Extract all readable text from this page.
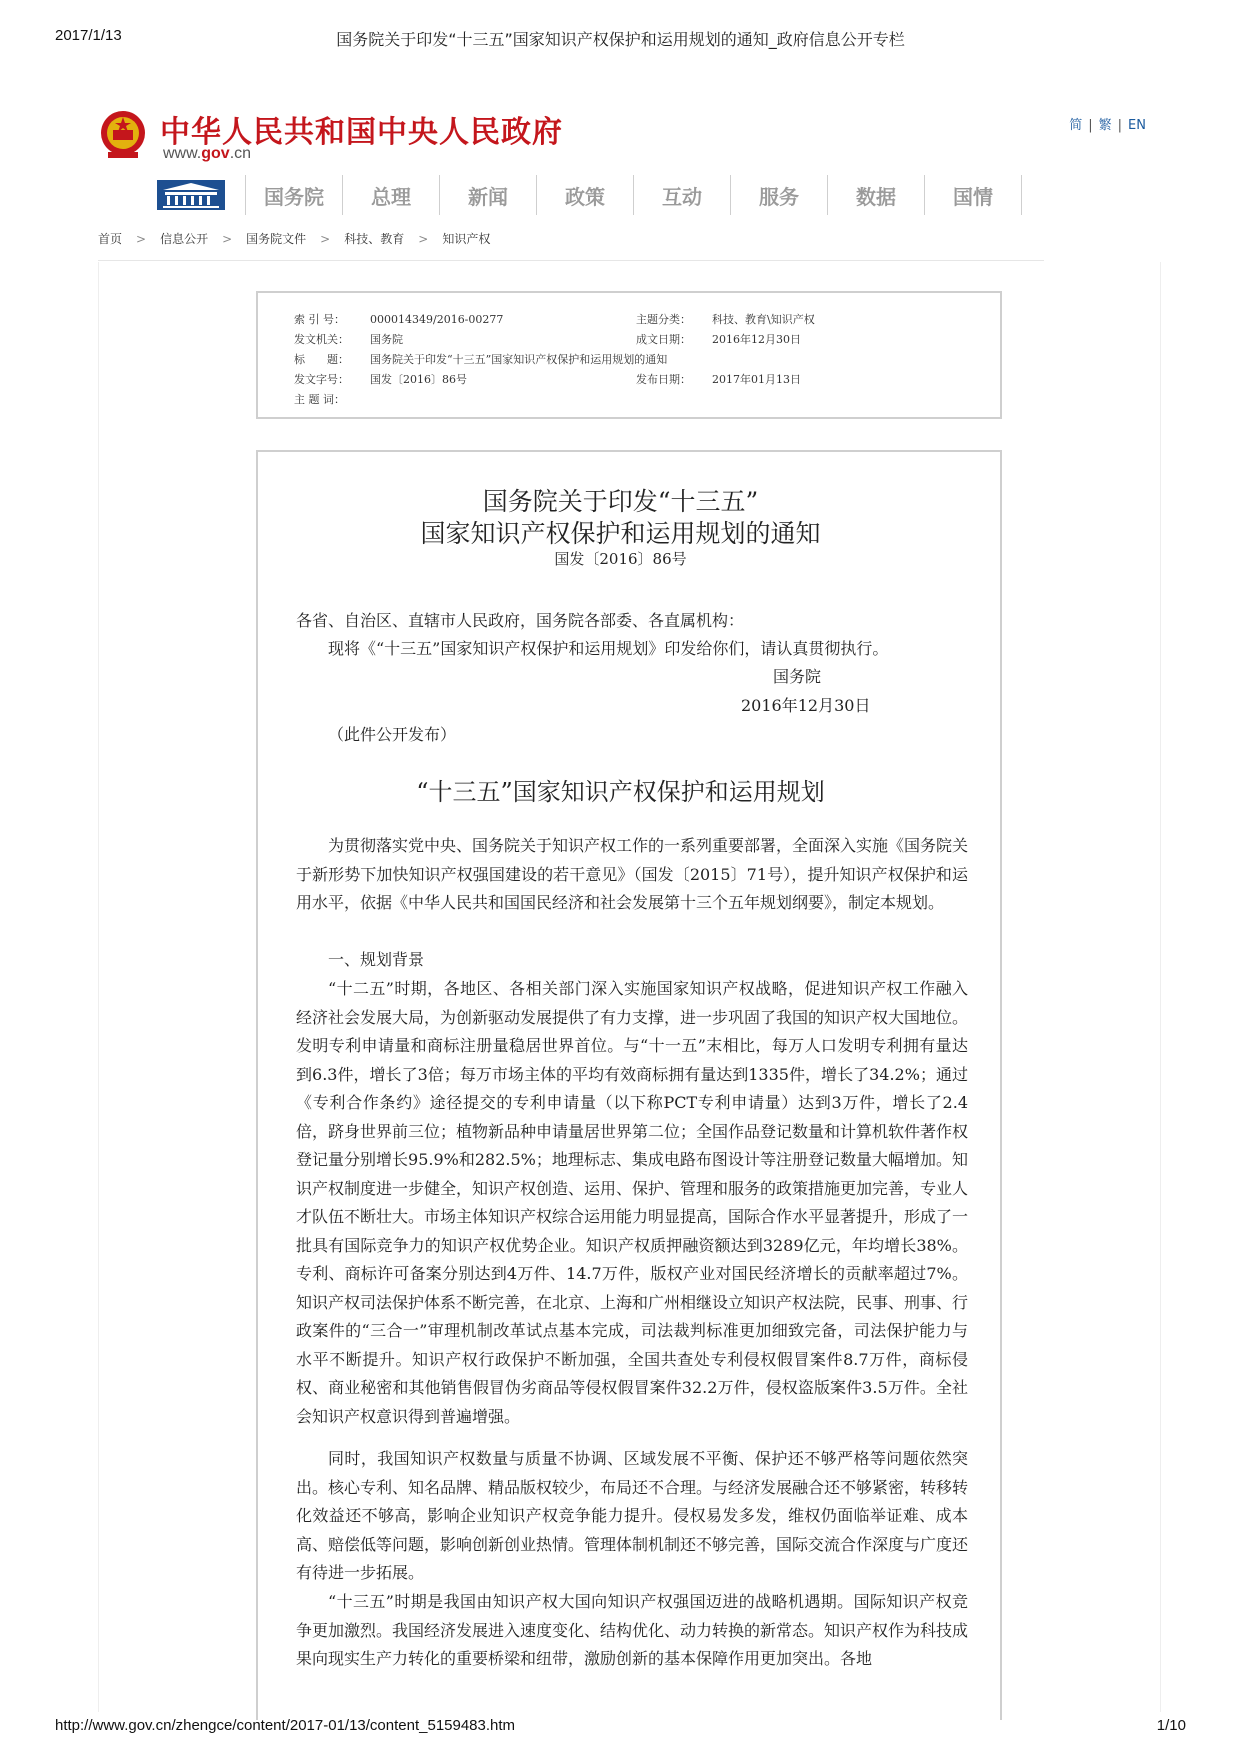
2017/1/13	国务院关于印发“十三五”国家知识产权保护和运用规划的通知_政府信息公开专栏
http://www.gov.cn/zhengce/content/2017-01/13/content_5159483.htm	1/10
中华人民共和国中央人民政府
www.gov.cn
简 | 繁 | EN
国务院	总理	新闻	政策	互动	服务	数据	国情
首页 > 信息公开 > 国务院文件 > 科技、教育 > 知识产权
索 引 号： 000014349/2016-00277	主题分类： 科技、教育\知识产权
发文机关： 国务院	成文日期： 2016年12月30日
标　　题： 国务院关于印发“十三五”国家知识产权保护和运用规划的通知
发文字号： 国发〔2016〕86号	发布日期： 2017年01月13日
主 题 词：
国务院关于印发“十三五”
国家知识产权保护和运用规划的通知
国发〔2016〕86号
各省、自治区、直辖市人民政府，国务院各部委、各直属机构：
现将《“十三五”国家知识产权保护和运用规划》印发给你们，请认真贯彻执行。
国务院
2016年12月30日
（此件公开发布）
“十三五”国家知识产权保护和运用规划
为贯彻落实党中央、国务院关于知识产权工作的一系列重要部署，全面深入实施《国务院关于新形势下加快知识产权强国建设的若干意见》（国发〔2015〕71号），提升知识产权保护和运用水平，依据《中华人民共和国国民经济和社会发展第十三个五年规划纲要》，制定本规划。
一、规划背景
“十二五”时期，各地区、各相关部门深入实施国家知识产权战略，促进知识产权工作融入经济社会发展大局，为创新驱动发展提供了有力支撑，进一步巩固了我国的知识产权大国地位。发明专利申请量和商标注册量稳居世界首位。与“十一五”末相比，每万人口发明专利拥有量达到6.3件，增长了3倍；每万市场主体的平均有效商标拥有量达到1335件，增长了34.2%；通过《专利合作条约》途径提交的专利申请量（以下称PCT专利申请量）达到3万件，增长了2.4倍，跻身世界前三位；植物新品种申请量居世界第二位；全国作品登记数量和计算机软件著作权登记量分别增长95.9%和282.5%；地理标志、集成电路布图设计等注册登记数量大幅增加。知识产权制度进一步健全，知识产权创造、运用、保护、管理和服务的政策措施更加完善，专业人才队伍不断壮大。市场主体知识产权综合运用能力明显提高，国际合作水平显著提升，形成了一批具有国际竞争力的知识产权优势企业。知识产权质押融资额达到3289亿元，年均增长38%。专利、商标许可备案分别达到4万件、14.7万件，版权产业对国民经济增长的贡献率超过7%。知识产权司法保护体系不断完善，在北京、上海和广州相继设立知识产权法院，民事、刑事、行政案件的“三合一”审理机制改革试点基本完成，司法裁判标准更加细致完备，司法保护能力与水平不断提升。知识产权行政保护不断加强，全国共查处专利侵权假冒案件8.7万件，商标侵权、商业秘密和其他销售假冒伪劣商品等侵权假冒案件32.2万件，侵权盗版案件3.5万件。全社会知识产权意识得到普遍增强。
同时，我国知识产权数量与质量不协调、区域发展不平衡、保护还不够严格等问题依然突出。核心专利、知名品牌、精品版权较少，布局还不合理。与经济发展融合还不够紧密，转移转化效益还不够高，影响企业知识产权竞争能力提升。侵权易发多发，维权仍面临举证难、成本高、赔偿低等问题，影响创新创业热情。管理体制机制还不够完善，国际交流合作深度与广度还有待进一步拓展。
“十三五”时期是我国由知识产权大国向知识产权强国迈进的战略机遇期。国际知识产权竞争更加激烈。我国经济发展进入速度变化、结构优化、动力转换的新常态。知识产权作为科技成果向现实生产力转化的重要桥梁和纽带，激励创新的基本保障作用更加突出。各地
